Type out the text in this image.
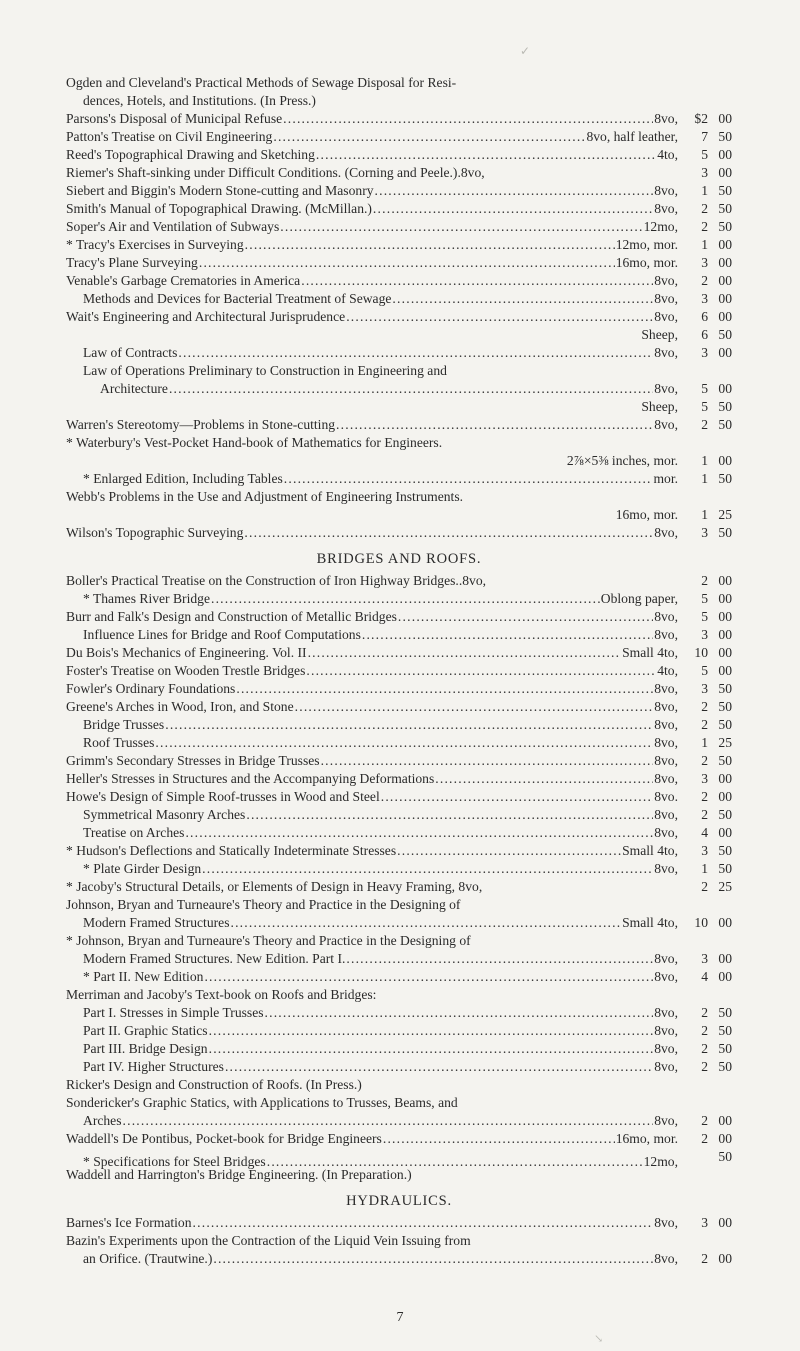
✓
Ogden and Cleveland's Practical Methods of Sewage Disposal for Resi-
dences, Hotels, and Institutions. (In Press.)
Parsons's Disposal of Municipal Refuse .....	8vo,	$2 00
Patton's Treatise on Civil Engineering .....	8vo, half leather,	7 50
Reed's Topographical Drawing and Sketching .....	4to,	5 00
Riemer's Shaft-sinking under Difficult Conditions. (Corning and Peele.).8vo,	3 00
Siebert and Biggin's Modern Stone-cutting and Masonry .....	8vo,	1 50
Smith's Manual of Topographical Drawing. (McMillan.) .....	8vo,	2 50
Soper's Air and Ventilation of Subways .....	12mo,	2 50
* Tracy's Exercises in Surveying .....	12mo, mor.	1 00
Tracy's Plane Surveying .....	16mo, mor.	3 00
Venable's Garbage Crematories in America .....	8vo,	2 00
Methods and Devices for Bacterial Treatment of Sewage .....	8vo,	3 00
Wait's Engineering and Architectural Jurisprudence .....	8vo,	6 00
Sheep,	6 50
Law of Contracts .....	8vo,	3 00
Law of Operations Preliminary to Construction in Engineering and
Architecture .....	8vo,	5 00
Sheep,	5 50
Warren's Stereotomy—Problems in Stone-cutting .....	8vo,	2 50
* Waterbury's Vest-Pocket Hand-book of Mathematics for Engineers.
2⅞×5⅜ inches, mor.	1 00
* Enlarged Edition, Including Tables .....	mor.	1 50
Webb's Problems in the Use and Adjustment of Engineering Instruments.
16mo, mor.	1 25
Wilson's Topographic Surveying .....	8vo,	3 50
BRIDGES AND ROOFS.
Boller's Practical Treatise on the Construction of Iron Highway Bridges..8vo,	2 00
* Thames River Bridge .....	Oblong paper,	5 00
Burr and Falk's Design and Construction of Metallic Bridges .....	8vo,	5 00
Influence Lines for Bridge and Roof Computations .....	8vo,	3 00
Du Bois's Mechanics of Engineering. Vol. II .....	Small 4to,	10 00
Foster's Treatise on Wooden Trestle Bridges .....	4to,	5 00
Fowler's Ordinary Foundations .....	8vo,	3 50
Greene's Arches in Wood, Iron, and Stone .....	8vo,	2 50
Bridge Trusses .....	8vo,	2 50
Roof Trusses .....	8vo,	1 25
Grimm's Secondary Stresses in Bridge Trusses .....	8vo,	2 50
Heller's Stresses in Structures and the Accompanying Deformations .....	8vo,	3 00
Howe's Design of Simple Roof-trusses in Wood and Steel .....	8vo.	2 00
Symmetrical Masonry Arches .....	8vo,	2 50
Treatise on Arches .....	8vo,	4 00
* Hudson's Deflections and Statically Indeterminate Stresses .....	Small 4to,	3 50
* Plate Girder Design .....	8vo,	1 50
* Jacoby's Structural Details, or Elements of Design in Heavy Framing, 8vo,	2 25
Johnson, Bryan and Turneaure's Theory and Practice in the Designing of
Modern Framed Structures .....	Small 4to,	10 00
* Johnson, Bryan and Turneaure's Theory and Practice in the Designing of
Modern Framed Structures. New Edition. Part I. .....	8vo,	3 00
* Part II. New Edition .....	8vo,	4 00
Merriman and Jacoby's Text-book on Roofs and Bridges:
Part I. Stresses in Simple Trusses .....	8vo,	2 50
Part II. Graphic Statics .....	8vo,	2 50
Part III. Bridge Design .....	8vo,	2 50
Part IV. Higher Structures .....	8vo,	2 50
Ricker's Design and Construction of Roofs. (In Press.)
Sondericker's Graphic Statics, with Applications to Trusses, Beams, and
Arches .....	8vo,	2 00
Waddell's De Pontibus, Pocket-book for Bridge Engineers .....	16mo, mor.	2 00
* Specifications for Steel Bridges .....	12mo,	50
Waddell and Harrington's Bridge Engineering. (In Preparation.)
HYDRAULICS.
Barnes's Ice Formation .....	8vo,	3 00
Bazin's Experiments upon the Contraction of the Liquid Vein Issuing from
an Orifice. (Trautwine.) .....	8vo,	2 00
7
↘
